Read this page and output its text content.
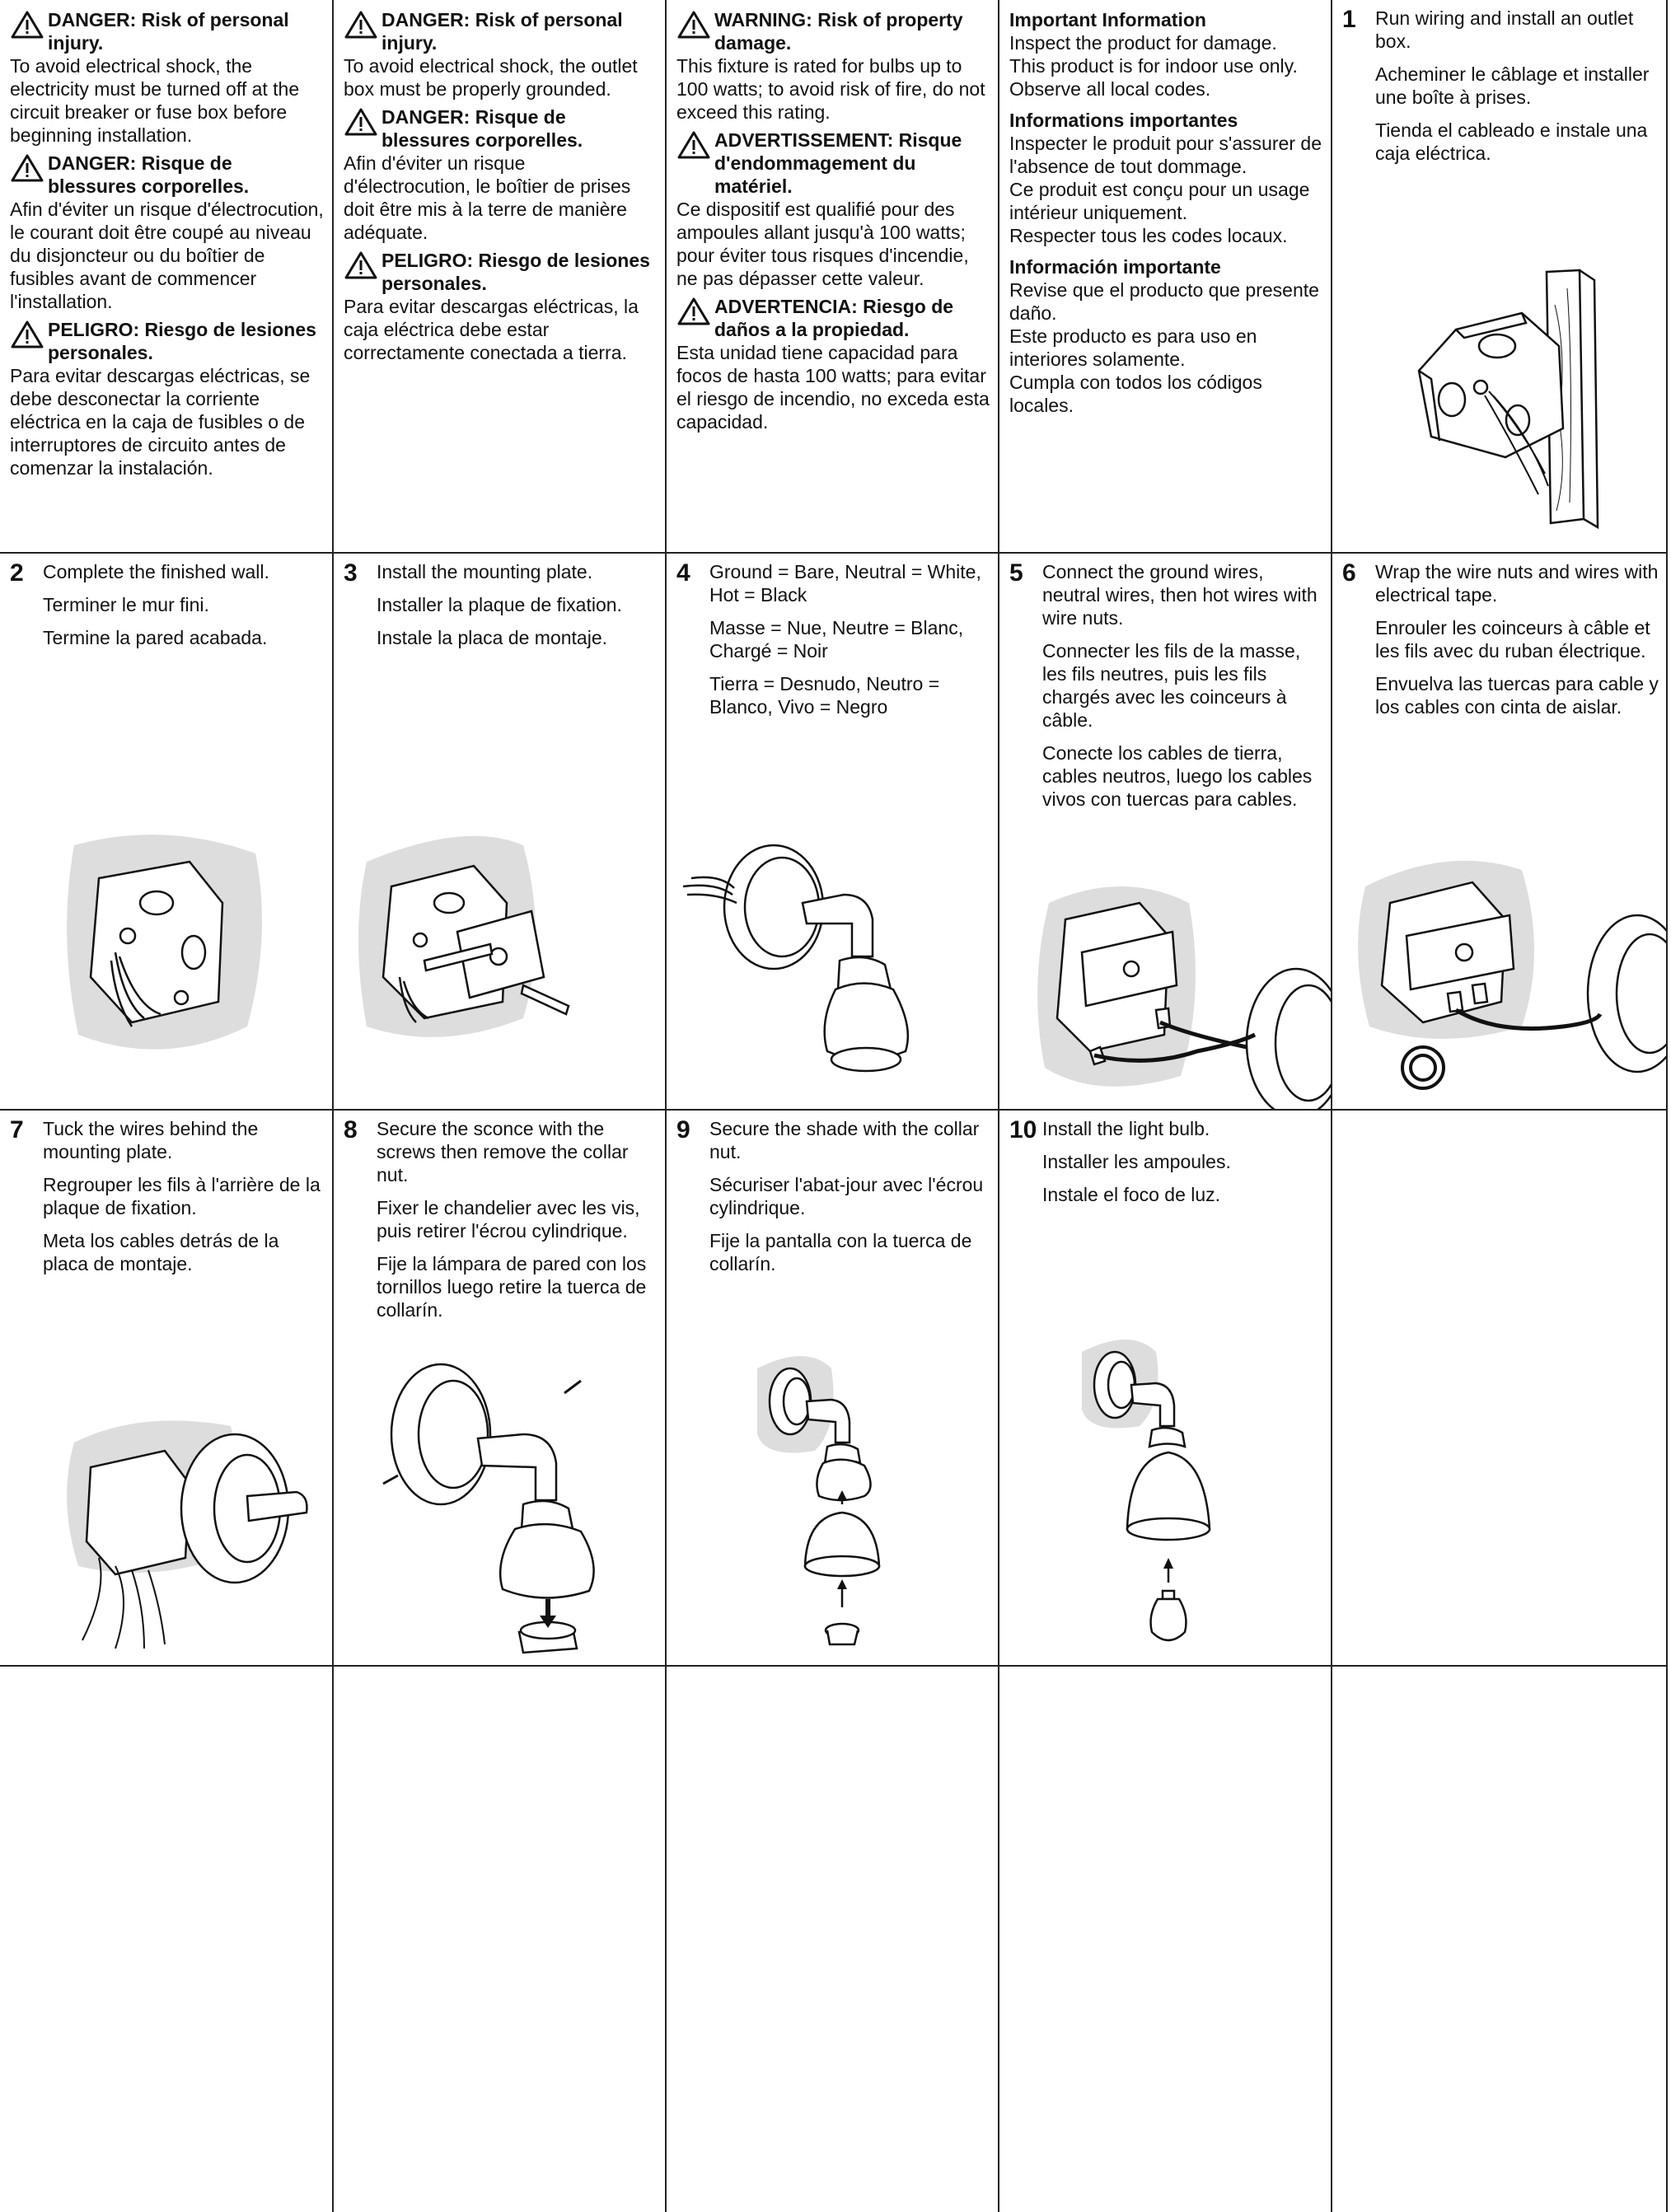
DANGER: Risk of personal injury.
To avoid electrical shock, the electricity must be turned off at the circuit breaker or fuse box before beginning installation.
DANGER: Risque de blessures corporelles.
Afin d'éviter un risque d'électrocution, le courant doit être coupé au niveau du disjoncteur ou du boîtier de fusibles avant de commencer l'installation.
PELIGRO: Riesgo de lesiones personales.
Para evitar descargas eléctricas, se debe desconectar la corriente eléctrica en la caja de fusibles o de interruptores de circuito antes de comenzar la instalación.
DANGER: Risk of personal injury.
To avoid electrical shock, the outlet box must be properly grounded.
DANGER: Risque de blessures corporelles.
Afin d'éviter un risque d'électrocution, le boîtier de prises doit être mis à la terre de manière adéquate.
PELIGRO: Riesgo de lesiones personales.
Para evitar descargas eléctricas, la caja eléctrica debe estar correctamente conectada a tierra.
WARNING: Risk of property damage.
This fixture is rated for bulbs up to 100 watts; to avoid risk of fire, do not exceed this rating.
ADVERTISSEMENT: Risque d'endommagement du matériel.
Ce dispositif est qualifié pour des ampoules allant jusqu'à 100 watts; pour éviter tous risques d'incendie, ne pas dépasser cette valeur.
ADVERTENCIA: Riesgo de daños a la propiedad.
Esta unidad tiene capacidad para focos de hasta 100 watts; para evitar el riesgo de incendio, no exceda esta capacidad.
Important Information
Inspect the product for damage.
This product is for indoor use only.
Observe all local codes.
Informations importantes
Inspecter le produit pour s'assurer de l'absence de tout dommage.
Ce produit est conçu pour un usage intérieur uniquement.
Respecter tous les codes locaux.
Información importante
Revise que el producto que presente daño.
Este producto es para uso en interiores solamente.
Cumpla con todos los códigos locales.
1	Run wiring and install an outlet box.

Acheminer le câblage et installer une boîte à prises.

Tienda el cableado e instale una caja eléctrica.

2	Complete the finished wall.

Terminer le mur fini.

Termine la pared acabada.

3	Install the mounting plate.

Installer la plaque de fixation.

Instale la placa de montaje.

4	Ground = Bare, Neutral = White, Hot = Black

Masse = Nue, Neutre = Blanc, Chargé = Noir

Tierra = Desnudo, Neutro = Blanco, Vivo = Negro

5	Connect the ground wires, neutral wires, then hot wires with wire nuts.

Connecter les fils de la masse, les fils neutres, puis les fils chargés avec les coinceurs à câble.

Conecte los cables de tierra, cables neutros, luego los cables vivos con tuercas para cables.

6	Wrap the wire nuts and wires with electrical tape.

Enrouler les coinceurs à câble et les fils avec du ruban électrique.

Envuelva las tuercas para cable y los cables con cinta de aislar.

7	Tuck the wires behind the mounting plate.

Regrouper les fils à l'arrière de la plaque de fixation.

Meta los cables detrás de la placa de montaje.

8	Secure the sconce with the screws then remove the collar nut.

Fixer le chandelier avec les vis, puis retirer l'écrou cylindrique.

Fije la lámpara de pared con los tornillos luego retire la tuerca de collarín.

9	Secure the shade with the collar nut.

Sécuriser l'abat-jour avec l'écrou cylindrique.

Fije la pantalla con la tuerca de collarín.

10 Install the light bulb.

Installer les ampoules.

Instale el foco de luz.
